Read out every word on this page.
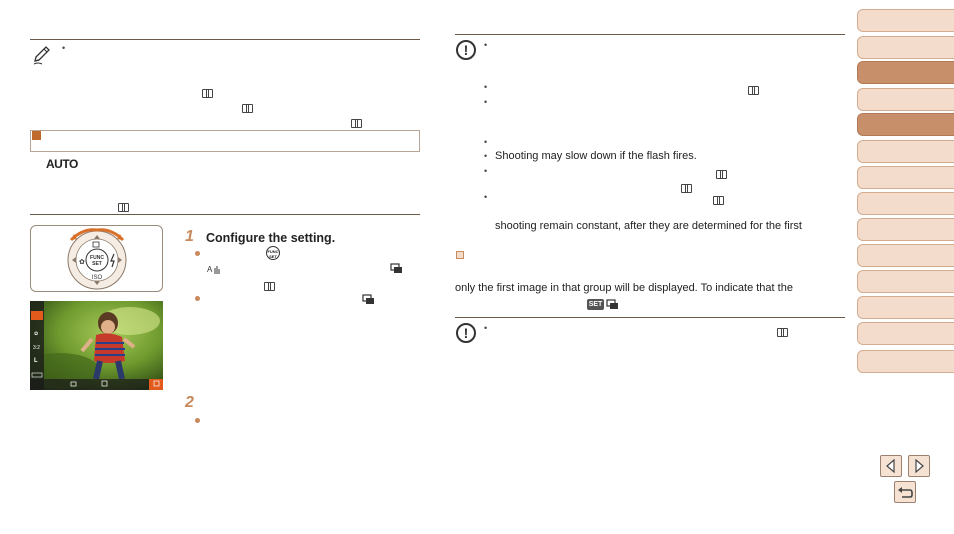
•

AUTO

✿
FUNC
SET
ISO
✿
3:2
L
1 Configure the setting.
FUNC
SET
A

2
!	•
•

•
•
• Shooting may slow down if the flash fires.
•

•

shooting remain constant, after they are determined for the first
only the first image in that group will be displayed. To indicate that the
SET
!	•
